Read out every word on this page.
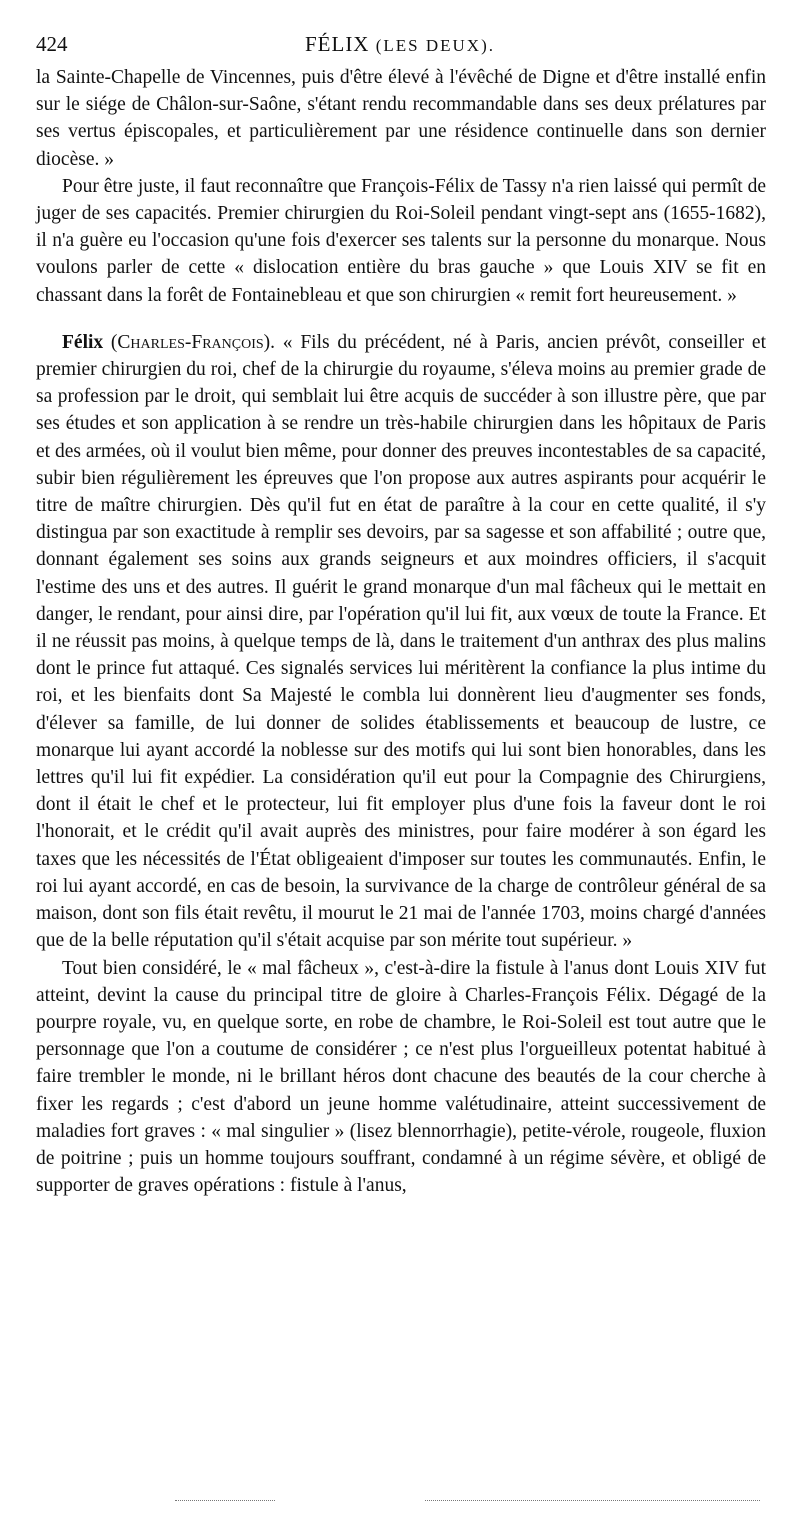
424	FÉLIX (LES DEUX).

la Sainte-Chapelle de Vincennes, puis d'être élevé à l'évêché de Digne et d'être installé enfin sur le siége de Châlon-sur-Saône, s'étant rendu recommandable dans ses deux prélatures par ses vertus épiscopales, et particulièrement par une résidence continuelle dans son dernier diocèse. »

Pour être juste, il faut reconnaître que François-Félix de Tassy n'a rien laissé qui permît de juger de ses capacités. Premier chirurgien du Roi-Soleil pendant vingt-sept ans (1655-1682), il n'a guère eu l'occasion qu'une fois d'exercer ses talents sur la personne du monarque. Nous voulons parler de cette « dislocation entière du bras gauche » que Louis XIV se fit en chassant dans la forêt de Fontainebleau et que son chirurgien « remit fort heureusement. »

Félix (Charles-François). « Fils du précédent, né à Paris, ancien prévôt, conseiller et premier chirurgien du roi, chef de la chirurgie du royaume, s'éleva moins au premier grade de sa profession par le droit, qui semblait lui être acquis de succéder à son illustre père, que par ses études et son application à se rendre un très-habile chirurgien dans les hôpitaux de Paris et des armées, où il voulut bien même, pour donner des preuves incontestables de sa capacité, subir bien régulièrement les épreuves que l'on propose aux autres aspirants pour acquérir le titre de maître chirurgien. Dès qu'il fut en état de paraître à la cour en cette qualité, il s'y distingua par son exactitude à remplir ses devoirs, par sa sagesse et son affabilité ; outre que, donnant également ses soins aux grands seigneurs et aux moindres officiers, il s'acquit l'estime des uns et des autres. Il guérit le grand monarque d'un mal fâcheux qui le mettait en danger, le rendant, pour ainsi dire, par l'opération qu'il lui fit, aux vœux de toute la France. Et il ne réussit pas moins, à quelque temps de là, dans le traitement d'un anthrax des plus malins dont le prince fut attaqué. Ces signalés services lui méritèrent la confiance la plus intime du roi, et les bienfaits dont Sa Majesté le combla lui donnèrent lieu d'augmenter ses fonds, d'élever sa famille, de lui donner de solides établissements et beaucoup de lustre, ce monarque lui ayant accordé la noblesse sur des motifs qui lui sont bien honorables, dans les lettres qu'il lui fit expédier. La considération qu'il eut pour la Compagnie des Chirurgiens, dont il était le chef et le protecteur, lui fit employer plus d'une fois la faveur dont le roi l'honorait, et le crédit qu'il avait auprès des ministres, pour faire modérer à son égard les taxes que les nécessités de l'État obligeaient d'imposer sur toutes les communautés. Enfin, le roi lui ayant accordé, en cas de besoin, la survivance de la charge de contrôleur général de sa maison, dont son fils était revêtu, il mourut le 21 mai de l'année 1703, moins chargé d'années que de la belle réputation qu'il s'était acquise par son mérite tout supérieur. »

Tout bien considéré, le « mal fâcheux », c'est-à-dire la fistule à l'anus dont Louis XIV fut atteint, devint la cause du principal titre de gloire à Charles-François Félix. Dégagé de la pourpre royale, vu, en quelque sorte, en robe de chambre, le Roi-Soleil est tout autre que le personnage que l'on a coutume de considérer ; ce n'est plus l'orgueilleux potentat habitué à faire trembler le monde, ni le brillant héros dont chacune des beautés de la cour cherche à fixer les regards ; c'est d'abord un jeune homme valétudinaire, atteint successivement de maladies fort graves : « mal singulier » (lisez blennorrhagie), petite-vérole, rougeole, fluxion de poitrine ; puis un homme toujours souffrant, condamné à un régime sévère, et obligé de supporter de graves opérations : fistule à l'anus,
